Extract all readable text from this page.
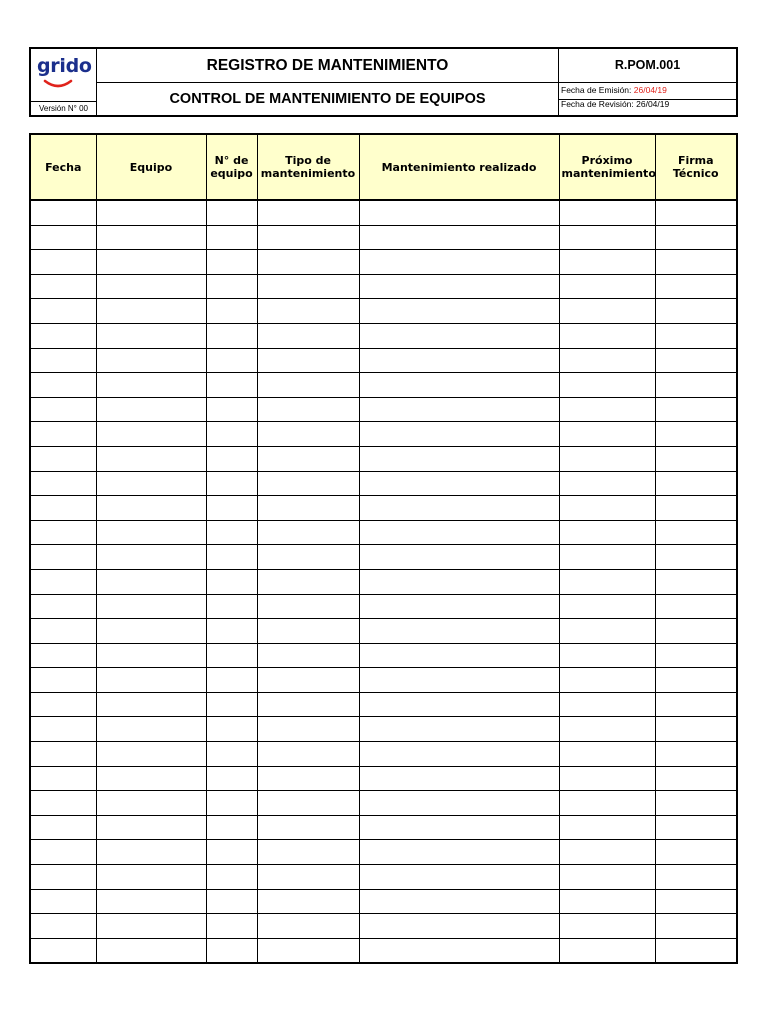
grido
Versión N° 00
REGISTRO DE MANTENIMIENTO
CONTROL DE MANTENIMIENTO DE EQUIPOS
R.POM.001
Fecha de Emisión: 26/04/19
Fecha de Revisión: 26/04/19
Fecha	Equipo	N° de equipo	Tipo de mantenimiento	Mantenimiento realizado	Próximo mantenimiento	Firma Técnico
